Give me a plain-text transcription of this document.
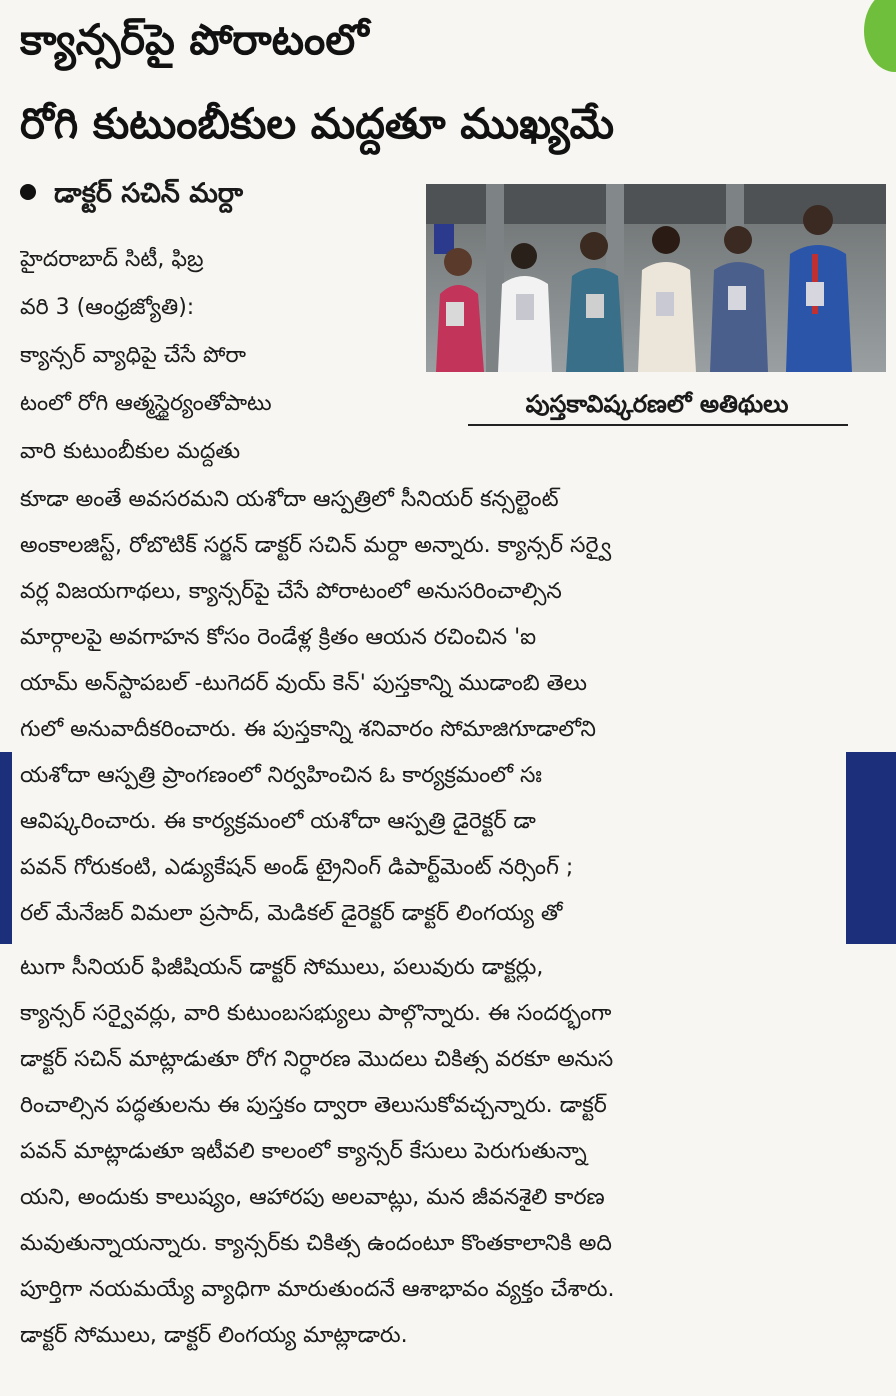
క్యాన్సర్‌పై పోరాటంలో
రోగి కుటుంబీకుల మద్దతూ ముఖ్యమే
డాక్టర్ సచిన్ మర్దా
పుస్తకావిష్కరణలో అతిథులు
హైదరాబాద్ సిటీ, ఫిబ్ర
వరి 3 (ఆంధ్రజ్యోతి):
క్యాన్సర్ వ్యాధిపై చేసే పోరా
టంలో రోగి ఆత్మస్థైర్యంతోపాటు
వారి కుటుంబీకుల మద్దతు
కూడా అంతే అవసరమని యశోదా ఆస్పత్రిలో సీనియర్ కన్సల్టెంట్
అంకాలజిస్ట్, రోబొటిక్ సర్జన్ డాక్టర్ సచిన్ మర్దా అన్నారు. క్యాన్సర్ సర్వై
వర్ల విజయగాథలు, క్యాన్సర్‌పై చేసే పోరాటంలో అనుసరించాల్సిన
మార్గాలపై అవగాహన కోసం రెండేళ్ల క్రితం ఆయన రచించిన 'ఐ
యామ్ అన్‌స్టాపబల్ -టుగెదర్ వుయ్ కెన్' పుస్తకాన్ని ముడాంబి తెలు
గులో అనువాదీకరించారు. ఈ పుస్తకాన్ని శనివారం సోమాజిగూడాలోని
యశోదా ఆస్పత్రి ప్రాంగణంలో నిర్వహించిన ఓ కార్యక్రమంలో సః
ఆవిష్కరించారు. ఈ కార్యక్రమంలో యశోదా ఆస్పత్రి డైరెక్టర్ డా
పవన్ గోరుకంటి, ఎడ్యుకేషన్ అండ్ ట్రైనింగ్ డిపార్ట్‌మెంట్ నర్సింగ్ ;
రల్ మేనేజర్ విమలా ప్రసాద్, మెడికల్ డైరెక్టర్ డాక్టర్ లింగయ్య తో
టుగా సీనియర్ ఫిజీషియన్ డాక్టర్ సోములు, పలువురు డాక్టర్లు,
క్యాన్సర్ సర్వైవర్లు, వారి కుటుంబసభ్యులు పాల్గొన్నారు. ఈ సందర్భంగా
డాక్టర్ సచిన్ మాట్లాడుతూ రోగ నిర్ధారణ మొదలు చికిత్స వరకూ అనుస
రించాల్సిన పద్ధతులను ఈ పుస్తకం ద్వారా తెలుసుకోవచ్చన్నారు. డాక్టర్
పవన్ మాట్లాడుతూ ఇటీవలి కాలంలో క్యాన్సర్ కేసులు పెరుగుతున్నా
యని, అందుకు కాలుష్యం, ఆహారపు అలవాట్లు, మన జీవనశైలి కారణ
మవుతున్నాయన్నారు. క్యాన్సర్‌కు చికిత్స ఉందంటూ కొంతకాలానికి అది
పూర్తిగా నయమయ్యే వ్యాధిగా మారుతుందనే ఆశాభావం వ్యక్తం చేశారు.
డాక్టర్ సోములు, డాక్టర్ లింగయ్య మాట్లాడారు.
